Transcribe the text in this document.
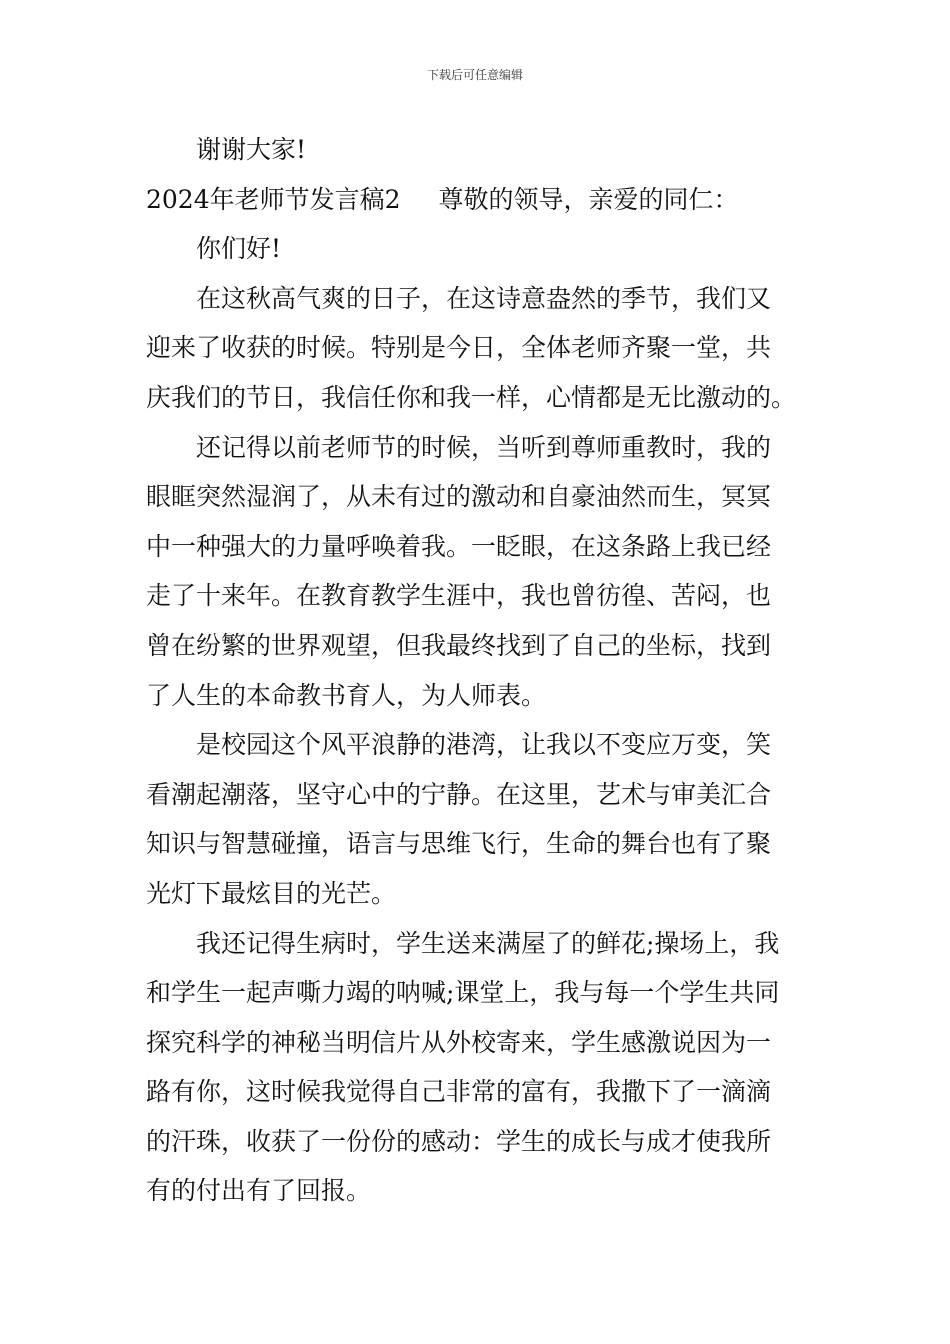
下载后可任意编辑
谢谢大家!
2024年老师节发言稿2 尊敬的领导，亲爱的同仁：
你们好!
在这秋高气爽的日子，在这诗意盎然的季节，我们又
迎来了收获的时候。特别是今日，全体老师齐聚一堂，共
庆我们的节日，我信任你和我一样，心情都是无比激动的。
还记得以前老师节的时候，当听到尊师重教时，我的
眼眶突然湿润了，从未有过的激动和自豪油然而生，冥冥
中一种强大的力量呼唤着我。一眨眼，在这条路上我已经
走了十来年。在教育教学生涯中，我也曾彷徨、苦闷，也
曾在纷繁的世界观望，但我最终找到了自己的坐标，找到
了人生的本命教书育人，为人师表。
是校园这个风平浪静的港湾，让我以不变应万变，笑
看潮起潮落，坚守心中的宁静。在这里，艺术与审美汇合
知识与智慧碰撞，语言与思维飞行，生命的舞台也有了聚
光灯下最炫目的光芒。
我还记得生病时，学生送来满屋了的鲜花;操场上，我
和学生一起声嘶力竭的呐喊;课堂上，我与每一个学生共同
探究科学的神秘当明信片从外校寄来，学生感激说因为一
路有你，这时候我觉得自己非常的富有，我撒下了一滴滴
的汗珠，收获了一份份的感动：学生的成长与成才使我所
有的付出有了回报。
